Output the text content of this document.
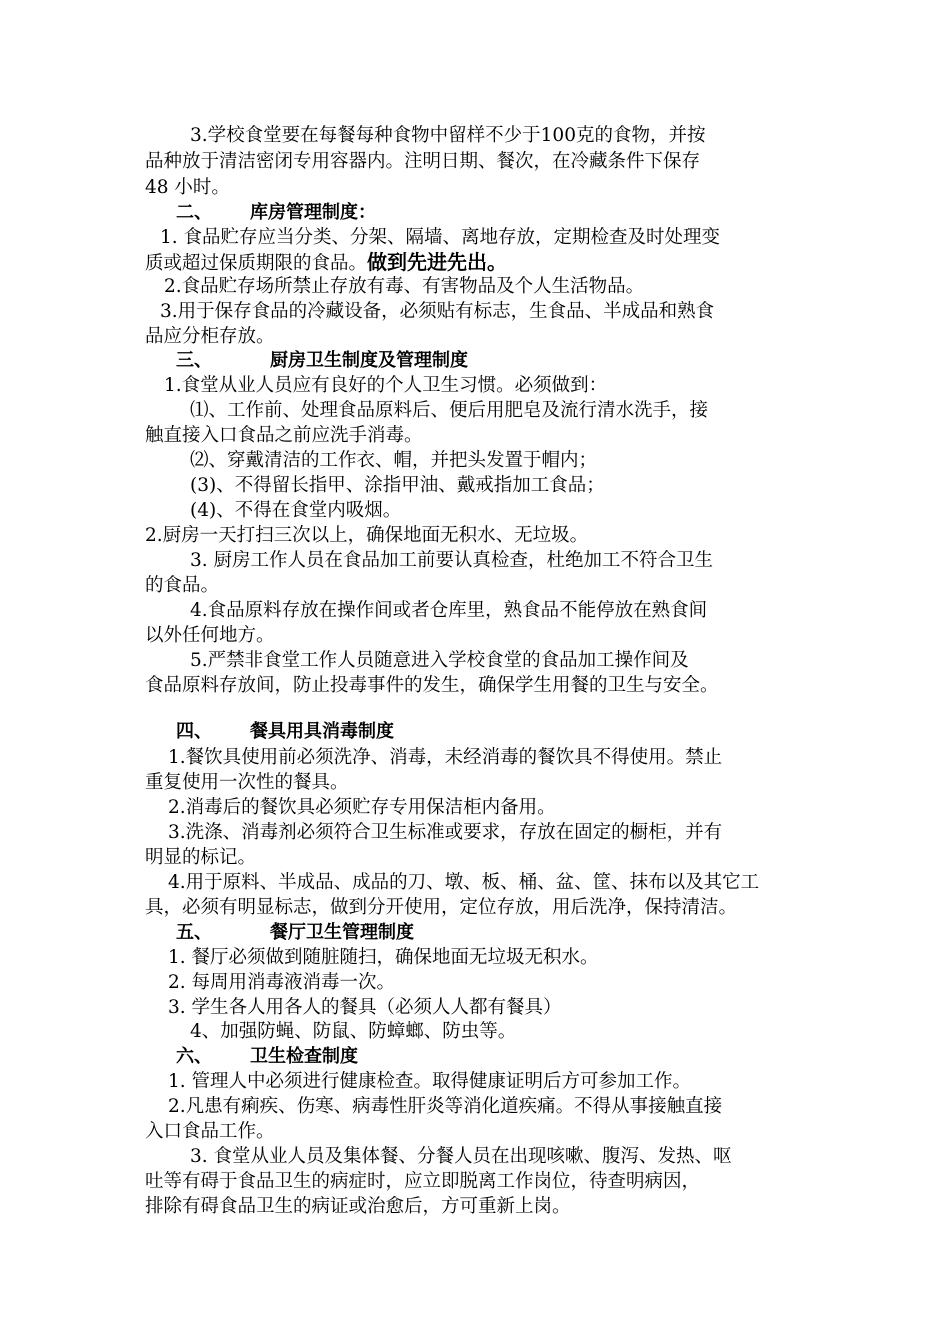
3.学校食堂要在每餐每种食物中留样不少于100克的食物，并按
品种放于清洁密闭专用容器内。注明日期、餐次，在冷藏条件下保存
48 小时。
二、 库房管理制度：
1. 食品贮存应当分类、分架、隔墙、离地存放，定期检查及时处理变
质或超过保质期限的食品。做到先进先出。
2.食品贮存场所禁止存放有毒、有害物品及个人生活物品。
3.用于保存食品的冷藏设备，必须贴有标志，生食品、半成品和熟食
品应分柜存放。
三、	厨房卫生制度及管理制度
1.食堂从业人员应有良好的个人卫生习惯。必须做到：
⑴、工作前、处理食品原料后、便后用肥皂及流行清水洗手，接
触直接入口食品之前应洗手消毒。
⑵、穿戴清洁的工作衣、帽，并把头发置于帽内；
(3)、不得留长指甲、涂指甲油、戴戒指加工食品；
(4)、不得在食堂内吸烟。
2.厨房一天打扫三次以上，确保地面无积水、无垃圾。
3. 厨房工作人员在食品加工前要认真检查，杜绝加工不符合卫生
的食品。
4.食品原料存放在操作间或者仓库里，熟食品不能停放在熟食间
以外任何地方。
5.严禁非食堂工作人员随意进入学校食堂的食品加工操作间及
食品原料存放间，防止投毒事件的发生，确保学生用餐的卫生与安全。
四、 餐具用具消毒制度
1.餐饮具使用前必须洗净、消毒，未经消毒的餐饮具不得使用。禁止
重复使用一次性的餐具。
2.消毒后的餐饮具必须贮存专用保洁柜内备用。
3.洗涤、消毒剂必须符合卫生标准或要求，存放在固定的橱柜，并有
明显的标记。
4.用于原料、半成品、成品的刀、墩、板、桶、盆、筐、抹布以及其它工
具，必须有明显标志，做到分开使用，定位存放，用后洗净，保持清洁。
五、	餐厅卫生管理制度
1. 餐厅必须做到随脏随扫，确保地面无垃圾无积水。
2. 每周用消毒液消毒一次。
3. 学生各人用各人的餐具（必须人人都有餐具）
4、加强防蝇、防鼠、防蟑螂、防虫等。
六、 卫生检查制度
1. 管理人中必须进行健康检查。取得健康证明后方可参加工作。
2.凡患有痢疾、伤寒、病毒性肝炎等消化道疾痛。不得从事接触直接
入口食品工作。
3. 食堂从业人员及集体餐、分餐人员在出现咳嗽、腹泻、发热、呕
吐等有碍于食品卫生的病症时，应立即脱离工作岗位，待查明病因，
排除有碍食品卫生的病证或治愈后，方可重新上岗。
